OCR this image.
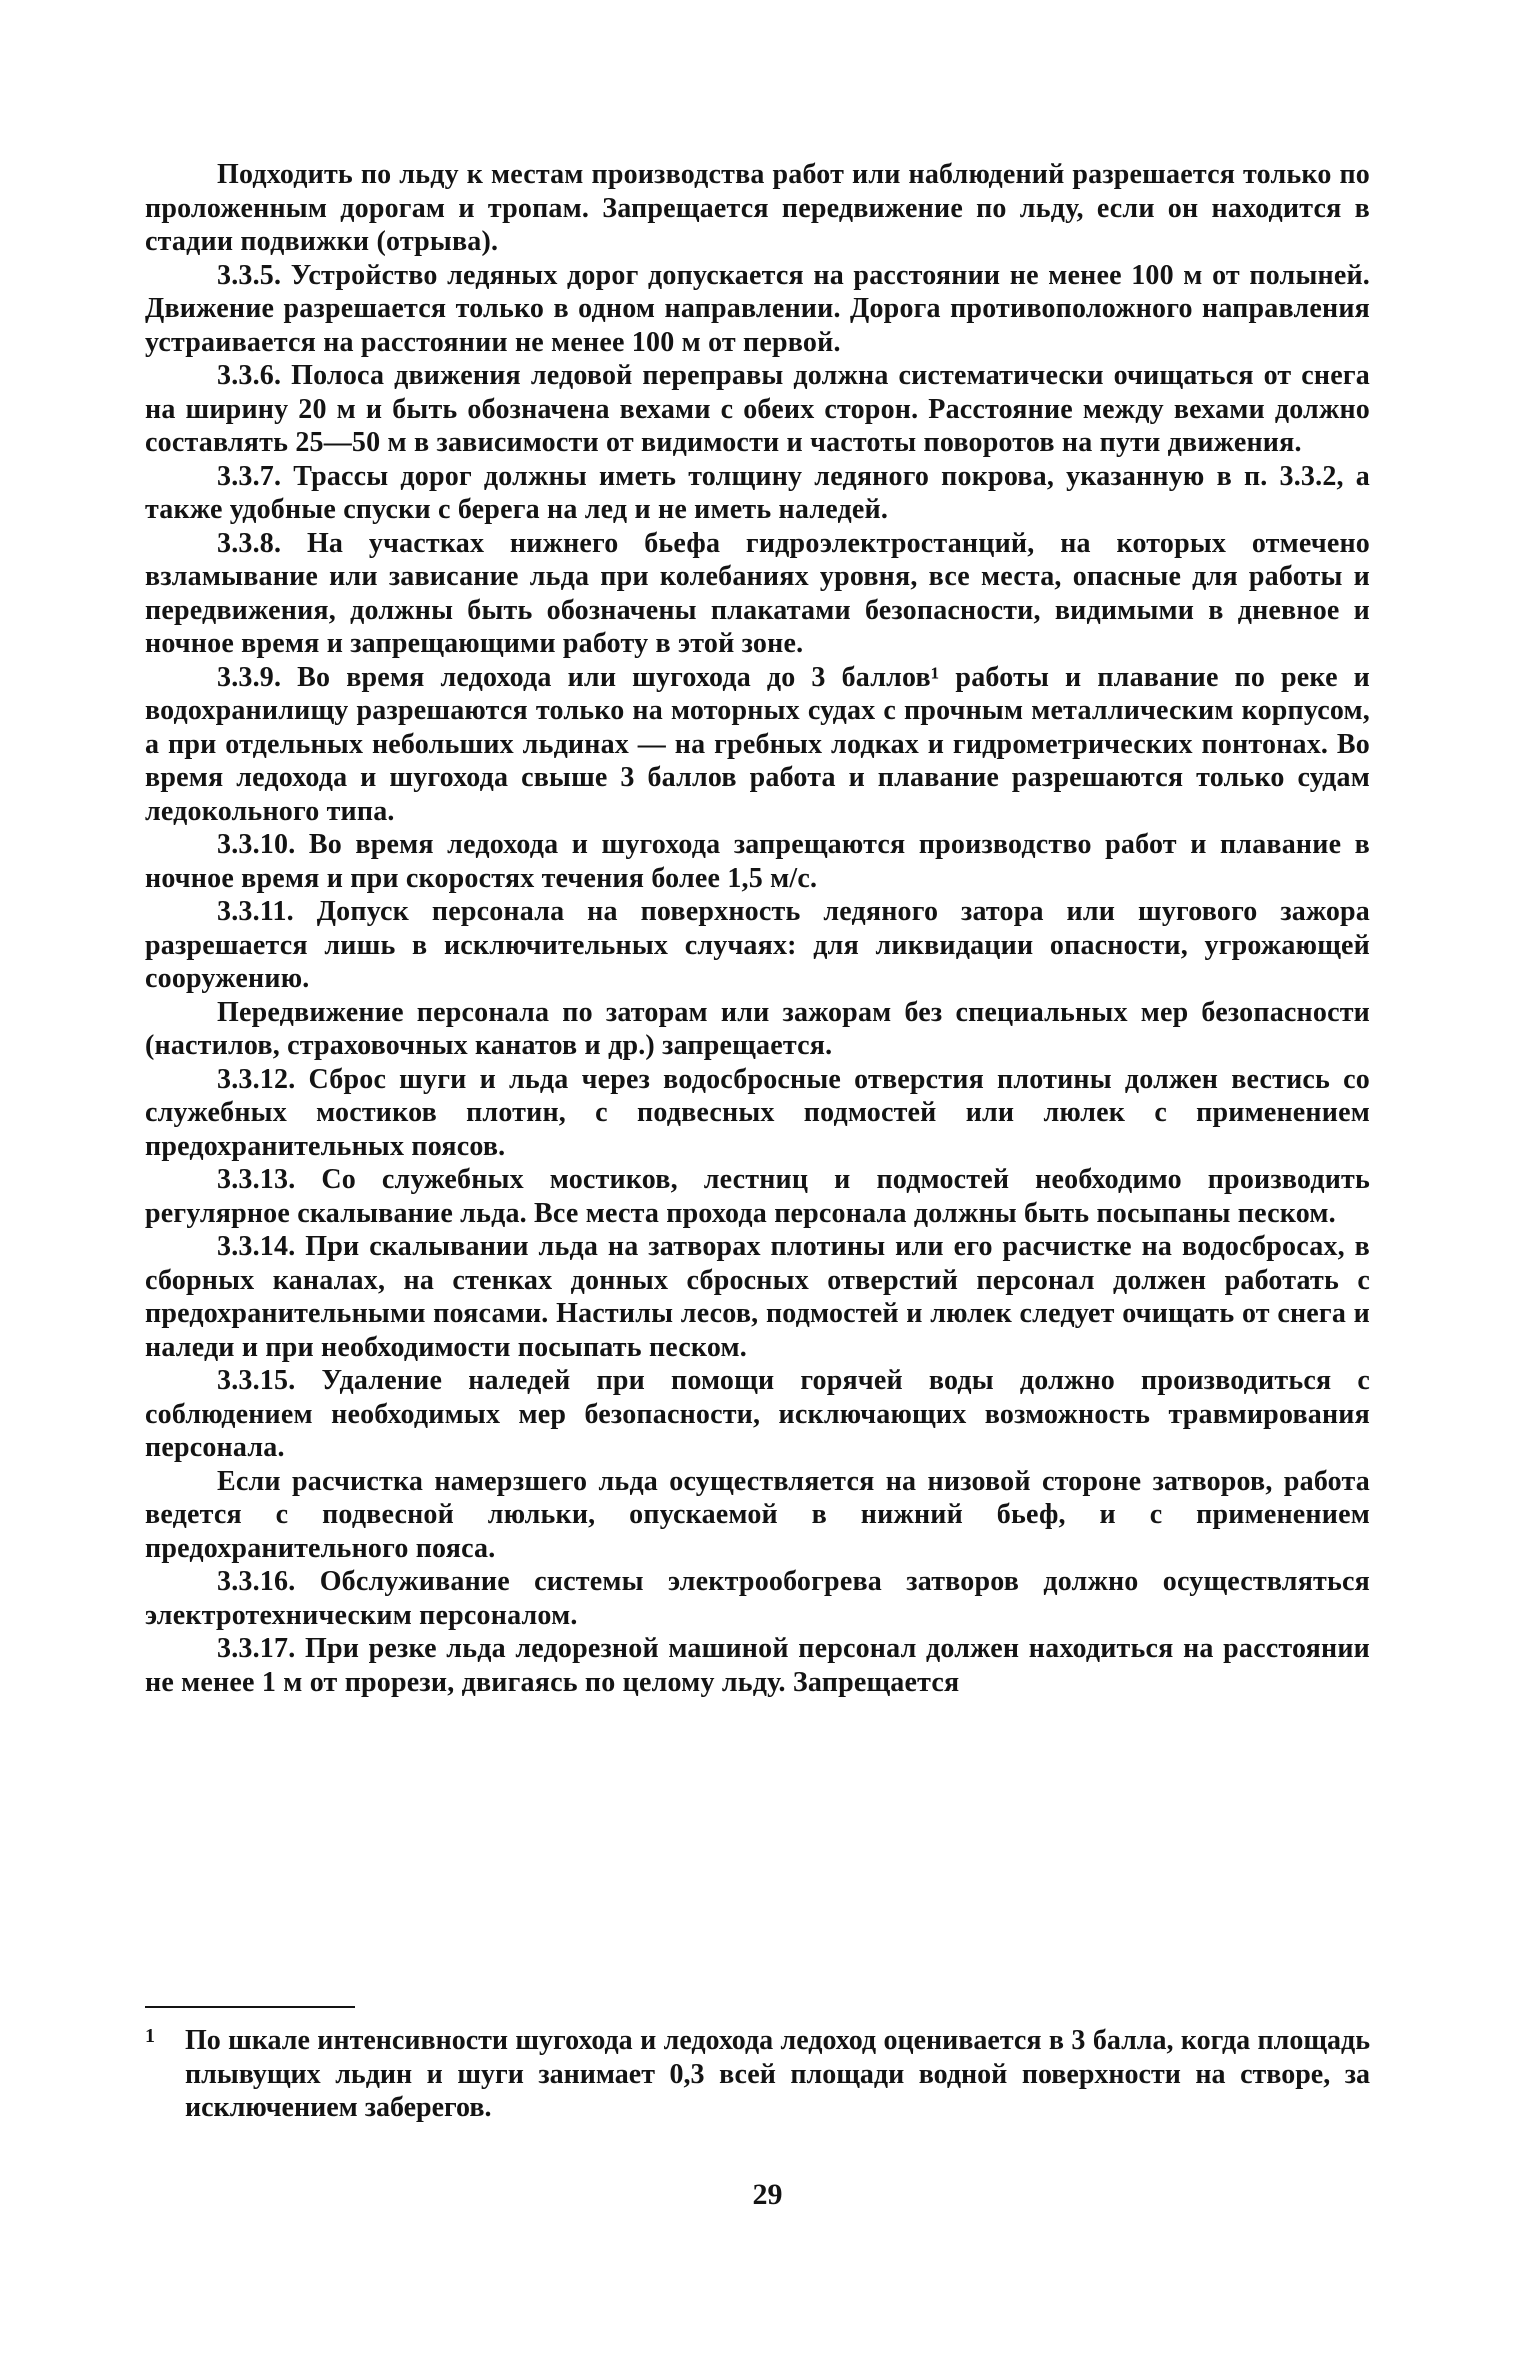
Подходить по льду к местам производства работ или наблюдений разрешается только по проложенным дорогам и тропам. Запрещается передвижение по льду, если он находится в стадии подвижки (отрыва).

3.3.5. Устройство ледяных дорог допускается на расстоянии не менее 100 м от полыней. Движение разрешается только в одном направлении. Дорога противоположного направления устраивается на расстоянии не менее 100 м от первой.

3.3.6. Полоса движения ледовой переправы должна систематически очищаться от снега на ширину 20 м и быть обозначена вехами с обеих сторон. Расстояние между вехами должно составлять 25—50 м в зависимости от видимости и частоты поворотов на пути движения.

3.3.7. Трассы дорог должны иметь толщину ледяного покрова, указанную в п. 3.3.2, а также удобные спуски с берега на лед и не иметь наледей.

3.3.8. На участках нижнего бьефа гидроэлектростанций, на которых отмечено взламывание или зависание льда при колебаниях уровня, все места, опасные для работы и передвижения, должны быть обозначены плакатами безопасности, видимыми в дневное и ночное время и запрещающими работу в этой зоне.

3.3.9. Во время ледохода или шугохода до 3 баллов¹ работы и плавание по реке и водохранилищу разрешаются только на моторных судах с прочным металлическим корпусом, а при отдельных небольших льдинах — на гребных лодках и гидрометрических понтонах. Во время ледохода и шугохода свыше 3 баллов работа и плавание разрешаются только судам ледокольного типа.

3.3.10. Во время ледохода и шугохода запрещаются производство работ и плавание в ночное время и при скоростях течения более 1,5 м/с.

3.3.11. Допуск персонала на поверхность ледяного затора или шугового зажора разрешается лишь в исключительных случаях: для ликвидации опасности, угрожающей сооружению.

Передвижение персонала по заторам или зажорам без специальных мер безопасности (настилов, страховочных канатов и др.) запрещается.

3.3.12. Сброс шуги и льда через водосбросные отверстия плотины должен вестись со служебных мостиков плотин, с подвесных подмостей или люлек с применением предохранительных поясов.

3.3.13. Со служебных мостиков, лестниц и подмостей необходимо производить регулярное скалывание льда. Все места прохода персонала должны быть посыпаны песком.

3.3.14. При скалывании льда на затворах плотины или его расчистке на водосбросах, в сборных каналах, на стенках донных сбросных отверстий персонал должен работать с предохранительными поясами. Настилы лесов, подмостей и люлек следует очищать от снега и наледи и при необходимости посыпать песком.

3.3.15. Удаление наледей при помощи горячей воды должно производиться с соблюдением необходимых мер безопасности, исключающих возможность травмирования персонала.

Если расчистка намерзшего льда осуществляется на низовой стороне затворов, работа ведется с подвесной люльки, опускаемой в нижний бьеф, и с применением предохранительного пояса.

3.3.16. Обслуживание системы электрообогрева затворов должно осуществляться электротехническим персоналом.

3.3.17. При резке льда ледорезной машиной персонал должен находиться на расстоянии не менее 1 м от прорези, двигаясь по целому льду. Запрещается

1	По шкале интенсивности шугохода и ледохода ледоход оценивается в 3 балла, когда площадь плывущих льдин и шуги занимает 0,3 всей площади водной поверхности на створе, за исключением заберегов.
29
